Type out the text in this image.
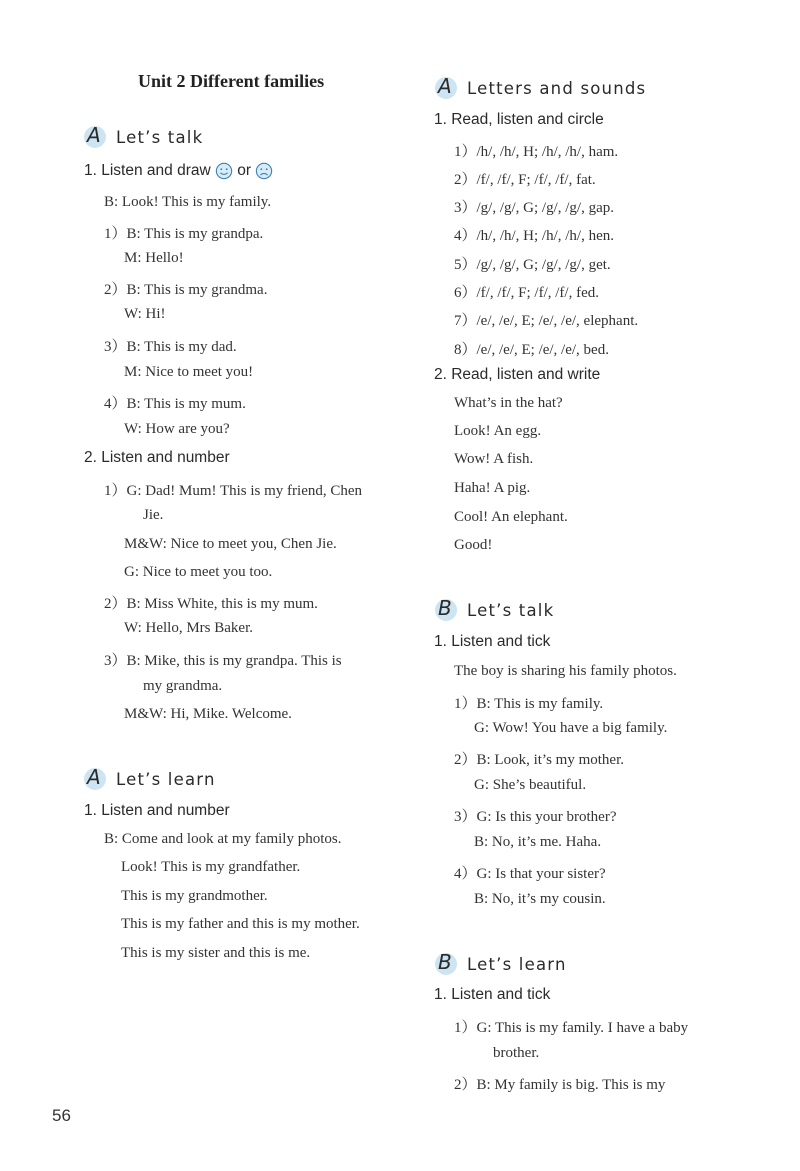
Unit 2 Different families
A Let’s talk
1. Listen and draw or
B: Look! This is my family.
1）B: This is my grandpa.
M: Hello!
2）B: This is my grandma.
W: Hi!
3）B: This is my dad.
M: Nice to meet you!
4）B: This is my mum.
W: How are you?
2. Listen and number
1）G: Dad! Mum! This is my friend, Chen
Jie.
M&W: Nice to meet you, Chen Jie.
G: Nice to meet you too.
2）B: Miss White, this is my mum.
W: Hello, Mrs Baker.
3）B: Mike, this is my grandpa. This is
my grandma.
M&W: Hi, Mike. Welcome.
A Let’s learn
1. Listen and number
B: Come and look at my family photos.
Look! This is my grandfather.
This is my grandmother.
This is my father and this is my mother.
This is my sister and this is me.
A Letters and sounds
1. Read, listen and circle
1）/h/, /h/, H; /h/, /h/, ham.
2）/f/, /f/, F; /f/, /f/, fat.
3）/g/, /g/, G; /g/, /g/, gap.
4）/h/, /h/, H; /h/, /h/, hen.
5）/g/, /g/, G; /g/, /g/, get.
6）/f/, /f/, F; /f/, /f/, fed.
7）/e/, /e/, E; /e/, /e/, elephant.
8）/e/, /e/, E; /e/, /e/, bed.
2. Read, listen and write
What’s in the hat?
Look! An egg.
Wow! A fish.
Haha! A pig.
Cool! An elephant.
Good!
B Let’s talk
1. Listen and tick
The boy is sharing his family photos.
1）B: This is my family.
G: Wow! You have a big family.
2）B: Look, it’s my mother.
G: She’s beautiful.
3）G: Is this your brother?
B: No, it’s me. Haha.
4）G: Is that your sister?
B: No, it’s my cousin.
B Let’s learn
1. Listen and tick
1）G: This is my family. I have a baby
brother.
2）B: My family is big. This is my
56
